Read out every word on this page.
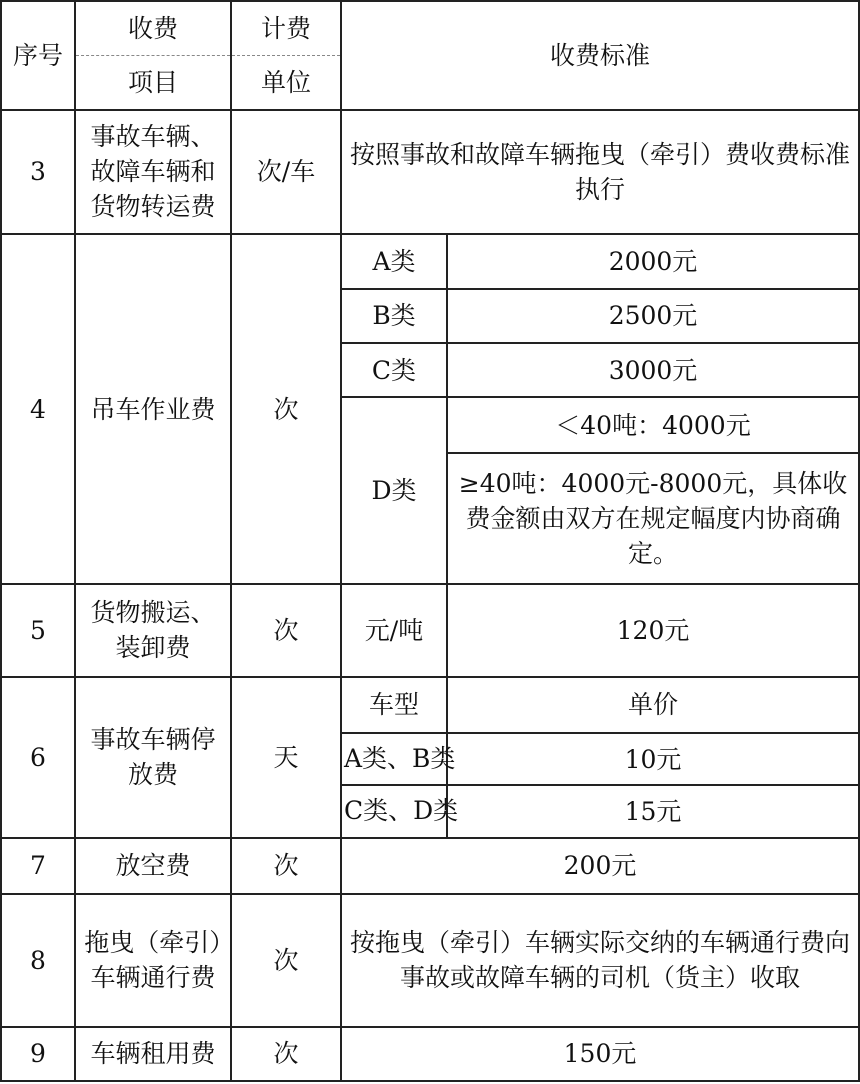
序号	收费	计费	收费标准	
	项目	单位		
3	事故车辆、故障车辆和货物转运费	次/车	按照事故和故障车辆拖曳（牵引）费收费标准执行	
4	吊车作业费	次	A类	2000元
			B类	2500元
			C类	3000元
			D类	＜40吨：4000元
				≥40吨：4000元-8000元，具体收费金额由双方在规定幅度内协商确定。
5	货物搬运、装卸费	次	元/吨	120元
6	事故车辆停放费	天	车型	单价

			A类、B类	10元

			C类、D类	15元
7	放空费	次	200元	
8	拖曳（牵引）车辆通行费	次	按拖曳（牵引）车辆实际交纳的车辆通行费向事故或故障车辆的司机（货主）收取	
9	车辆租用费	次	150元	
